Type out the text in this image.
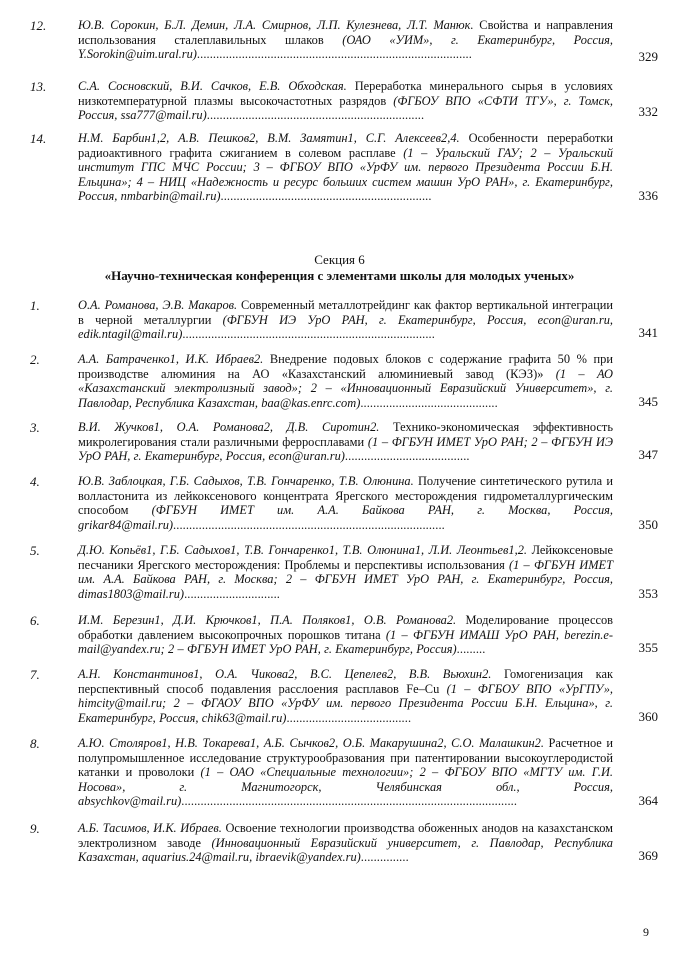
12.	Ю.В. Сорокин, Б.Л. Демин, Л.А. Смирнов, Л.П. Кулезнева, Л.Т. Манюк. Свойства и направления использования сталеплавильных шлаков (ОАО «УИМ», г. Екатеринбург, Россия, Y.Sorokin@uim.ural.ru)......................................................................................	329
13.	С.А. Сосновский, В.И. Сачков, Е.В. Обходская. Переработка минерального сырья в условиях низкотемпературной плазмы высокочастотных разрядов (ФГБОУ ВПО «СФТИ ТГУ», г. Томск, Россия, ssa777@mail.ru)....................................................................	332
14.	Н.М. Барбин1,2, А.В. Пешков2, В.М. Замятин1, С.Г. Алексеев2,4. Особенности переработки радиоактивного графита сжиганием в солевом расплаве (1 – Уральский ГАУ; 2 – Уральский институт ГПС МЧС России; 3 – ФГБОУ ВПО «УрФУ им. первого Президента России Б.Н. Ельцина»; 4 – НИЦ «Надежность и ресурс больших систем машин УрО РАН», г. Екатеринбург, Россия, nmbarbin@mail.ru)..................................................................	336
Секция 6
«Научно-техническая конференция с элементами школы для молодых ученых»
1.	О.А. Романова, Э.В. Макаров. Современный металлотрейдинг как фактор вертикальной интеграции в черной металлургии (ФГБУН ИЭ УрО РАН, г. Екатеринбург, Россия, econ@uran.ru, edik.ntagil@mail.ru)...............................................................................	341
2.	А.А. Батраченко1, И.К. Ибраев2. Внедрение подовых блоков с содержание графита 50 % при производстве алюминия на АО «Казахстанский алюминиевый завод (КЭЗ)» (1 – АО «Казахстанский электролизный завод»; 2 – «Инновационный Евразийский Университет», г. Павлодар, Республика Казахстан, baa@kas.enrc.com)...........................................	345
3.	В.И. Жучков1, О.А. Романова2, Д.В. Сиротин2. Технико-экономическая эффективность микролегирования стали различными ферросплавами (1 – ФГБУН ИМЕТ УрО РАН; 2 – ФГБУН ИЭ УрО РАН, г. Екатеринбург, Россия, econ@uran.ru).......................................	347
4.	Ю.В. Заблоцкая, Г.Б. Садыхов, Т.В. Гончаренко, Т.В. Олюнина. Получение синтетического рутила и волластонита из лейкоксенового концентрата Ярегского месторождения гидрометаллургическим способом (ФГБУН ИМЕТ им. А.А. Байкова РАН, г. Москва, Россия, grikar84@mail.ru).....................................................................................	350
5.	Д.Ю. Копьёв1, Г.Б. Садыхов1, Т.В. Гончаренко1, Т.В. Олюнина1, Л.И. Леонтьев1,2. Лейкоксеновые песчаники Ярегского месторождения: Проблемы и перспективы использования (1 – ФГБУН ИМЕТ им. А.А. Байкова РАН, г. Москва; 2 – ФГБУН ИМЕТ УрО РАН, г. Екатеринбург, Россия, dimas1803@mail.ru)..............................	353
6.	И.М. Березин1, Д.И. Крючков1, П.А. Поляков1, О.В. Романова2. Моделирование процессов обработки давлением высокопрочных порошков титана (1 – ФГБУН ИМАШ УрО РАН, berezin.e-mail@yandex.ru; 2 – ФГБУН ИМЕТ УрО РАН, г. Екатеринбург, Россия).........	355
7.	А.Н. Константинов1, О.А. Чикова2, В.С. Цепелев2, В.В. Вьюхин2. Гомогенизация как перспективный способ подавления расслоения расплавов Fe–Cu (1 – ФГБОУ ВПО «УрГПУ», himcity@mail.ru; 2 – ФГАОУ ВПО «УрФУ им. первого Президента России Б.Н. Ельцина», г. Екатеринбург, Россия, chik63@mail.ru).......................................	360
8.	А.Ю. Столяров1, Н.В. Токарева1, А.Б. Сычков2, О.Б. Макарушина2, С.О. Малашкин2. Расчетное и полупромышленное исследование структурообразования при патентировании высокоуглеродистой катанки и проволоки (1 – ОАО «Специальные технологии»; 2 – ФГБОУ ВПО «МГТУ им. Г.И. Носова», г. Магнитогорск, Челябинская обл., Россия, absychkov@mail.ru).........................................................................................................	364
9.	А.Б. Тасимов, И.К. Ибраев. Освоение технологии производства обоженных анодов на казахстанском электролизном заводе (Инновационный Евразийский университет, г. Павлодар, Республика Казахстан, aquarius.24@mail.ru, ibraevik@yandex.ru)...............	369
9
